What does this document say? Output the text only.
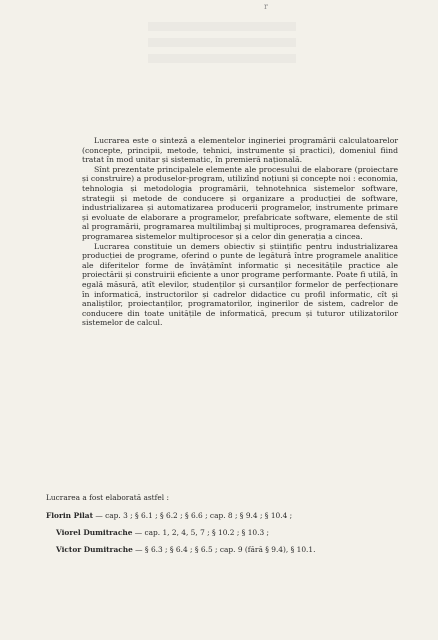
r

Lucrarea este o sinteză a elementelor ingineriei programării calculatoarelor (concepte, principii, metode, tehnici, instrumente și practici), domeniul fiind tratat în mod unitar și sistematic, în premieră națională.

Sînt prezentate principalele elemente ale procesului de elaborare (proiectare și construire) a produselor-program, utilizînd noțiuni și concepte noi : economia, tehnologia și metodologia programării, tehnotehnica sistemelor software, strategii și metode de conducere și organizare a producției de software, industrializarea și automatizarea producerii programelor, instrumente primare și evoluate de elaborare a programelor, prefabricate software, elemente de stil al programării, programarea multilimbaj și multiproces, programarea defensivă, programarea sistemelor multiprocesor și a celor din generația a cincea.

Lucrarea constituie un demers obiectiv și științific pentru industrializarea producției de programe, oferind o punte de legătură între programele analitice ale diferitelor forme de învățămînt informatic și necesitățile practice ale proiectării și construirii eficiente a unor programe performante. Poate fi utilă, în egală măsură, atît elevilor, studenților și cursanților formelor de perfecționare în informatică, instructorilor și cadrelor didactice cu profil informatic, cît și analiștilor, proiectanților, programatorilor, inginerilor de sistem, cadrelor de conducere din toate unitățile de informatică, precum și tuturor utilizatorilor sistemelor de calcul.

Lucrarea a fost elaborată astfel :

Florin Pilat — cap. 3 ; § 6.1 ; § 6.2 ; § 6.6 ; cap. 8 ; § 9.4 ; § 10.4 ;

Viorel Dumitrache — cap. 1, 2, 4, 5, 7 ; § 10.2 ; § 10.3 ;

Victor Dumitrache — § 6.3 ; § 6.4 ; § 6.5 ; cap. 9 (fără § 9.4), § 10.1.
